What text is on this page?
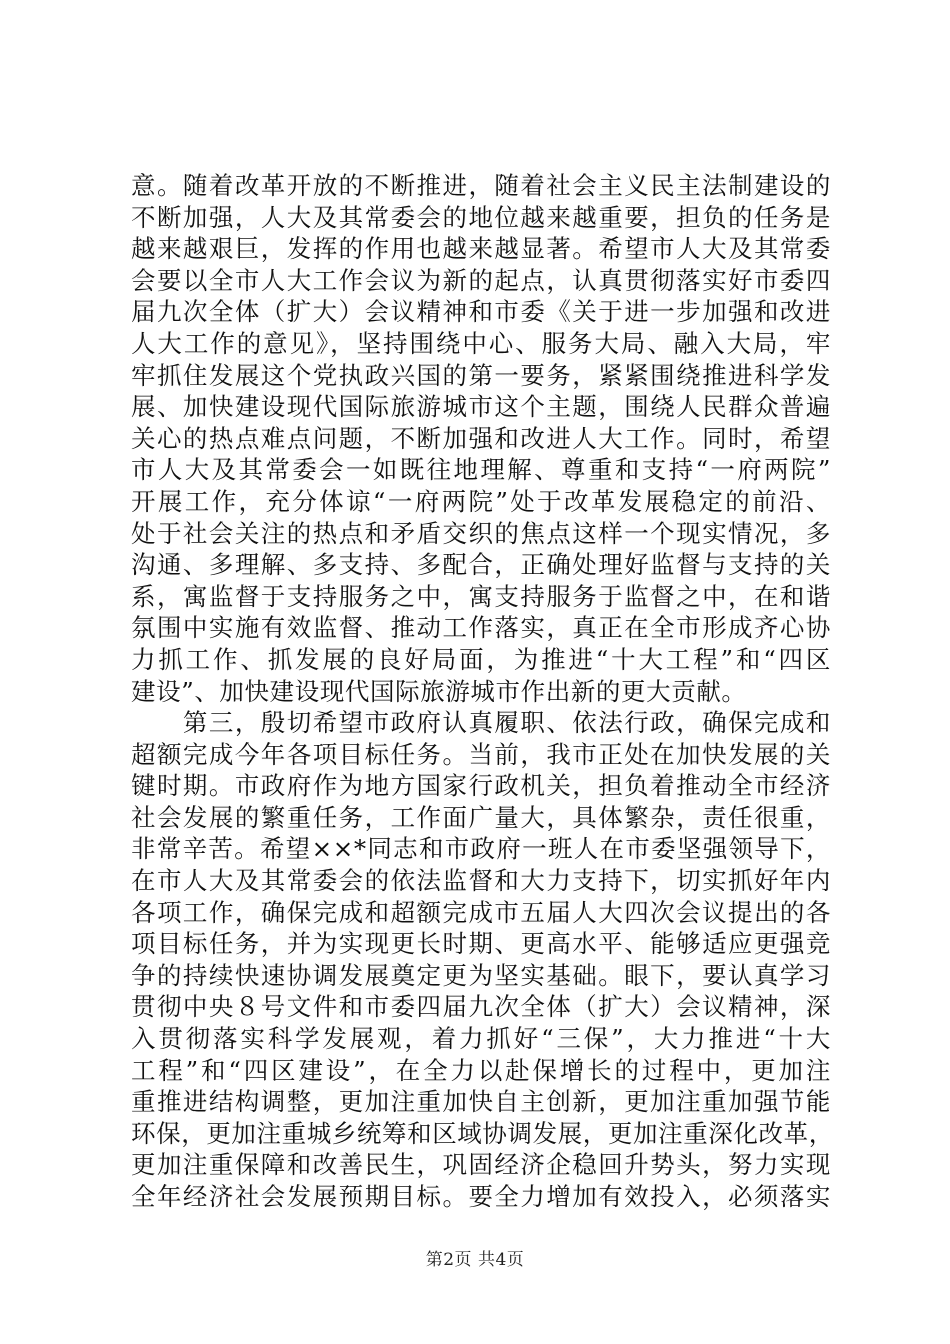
意。随着改革开放的不断推进，随着社会主义民主法制建设的
不断加强，人大及其常委会的地位越来越重要，担负的任务是
越来越艰巨，发挥的作用也越来越显著。希望市人大及其常委
会要以全市人大工作会议为新的起点，认真贯彻落实好市委四
届九次全体（扩大）会议精神和市委《关于进一步加强和改进
人大工作的意见》，坚持围绕中心、服务大局、融入大局，牢
牢抓住发展这个党执政兴国的第一要务，紧紧围绕推进科学发
展、加快建设现代国际旅游城市这个主题，围绕人民群众普遍
关心的热点难点问题，不断加强和改进人大工作。同时，希望
市人大及其常委会一如既往地理解、尊重和支持“一府两院”
开展工作，充分体谅“一府两院”处于改革发展稳定的前沿、
处于社会关注的热点和矛盾交织的焦点这样一个现实情况，多
沟通、多理解、多支持、多配合，正确处理好监督与支持的关
系，寓监督于支持服务之中，寓支持服务于监督之中，在和谐
氛围中实施有效监督、推动工作落实，真正在全市形成齐心协
力抓工作、抓发展的良好局面，为推进“十大工程”和“四区
建设”、加快建设现代国际旅游城市作出新的更大贡献。
　　第三，殷切希望市政府认真履职、依法行政，确保完成和
超额完成今年各项目标任务。当前，我市正处在加快发展的关
键时期。市政府作为地方国家行政机关，担负着推动全市经济
社会发展的繁重任务，工作面广量大，具体繁杂，责任很重，
非常辛苦。希望××*同志和市政府一班人在市委坚强领导下，
在市人大及其常委会的依法监督和大力支持下，切实抓好年内
各项工作，确保完成和超额完成市五届人大四次会议提出的各
项目标任务，并为实现更长时期、更高水平、能够适应更强竞
争的持续快速协调发展奠定更为坚实基础。眼下，要认真学习
贯彻中央８号文件和市委四届九次全体（扩大）会议精神，深
入贯彻落实科学发展观，着力抓好“三保”，大力推进“十大
工程”和“四区建设”，在全力以赴保增长的过程中，更加注
重推进结构调整，更加注重加快自主创新，更加注重加强节能
环保，更加注重城乡统筹和区域协调发展，更加注重深化改革，
更加注重保障和改善民生，巩固经济企稳回升势头，努力实现
全年经济社会发展预期目标。要全力增加有效投入，必须落实
第2页 共4页
